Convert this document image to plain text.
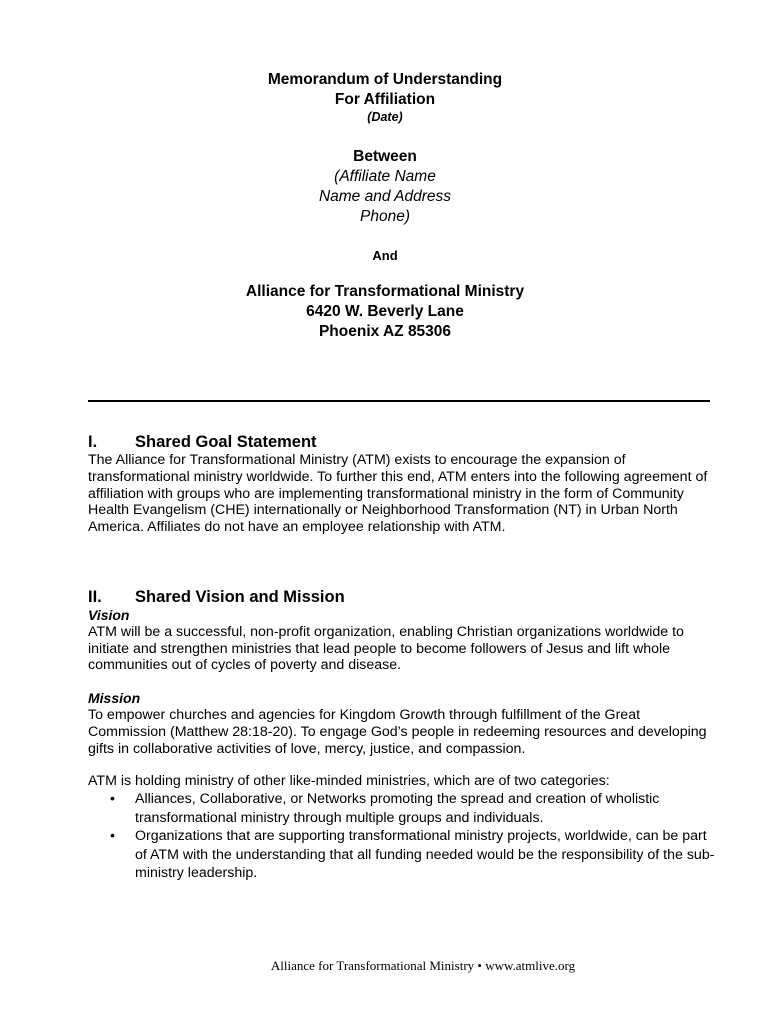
Memorandum of Understanding
For Affiliation
(Date)
Between
(Affiliate Name
Name and Address
Phone)
And
Alliance for Transformational Ministry
6420 W. Beverly Lane
Phoenix AZ 85306
I. Shared Goal Statement

The Alliance for Transformational Ministry (ATM) exists to encourage the expansion of transformational ministry worldwide. To further this end, ATM enters into the following agreement of affiliation with groups who are implementing transformational ministry in the form of Community Health Evangelism (CHE) internationally or Neighborhood Transformation (NT) in Urban North America. Affiliates do not have an employee relationship with ATM.

II. Shared Vision and Mission
Vision

ATM will be a successful, non-profit organization, enabling Christian organizations worldwide to initiate and strengthen ministries that lead people to become followers of Jesus and lift whole communities out of cycles of poverty and disease.

Mission

To empower churches and agencies for Kingdom Growth through fulfillment of the Great Commission (Matthew 28:18-20). To engage God’s people in redeeming resources and developing gifts in collaborative activities of love, mercy, justice, and compassion.

ATM is holding ministry of other like-minded ministries, which are of two categories:

• Alliances, Collaborative, or Networks promoting the spread and creation of wholistic transformational ministry through multiple groups and individuals.
• Organizations that are supporting transformational ministry projects, worldwide, can be part of ATM with the understanding that all funding needed would be the responsibility of the sub-ministry leadership.
Alliance for Transformational Ministry • www.atmlive.org
